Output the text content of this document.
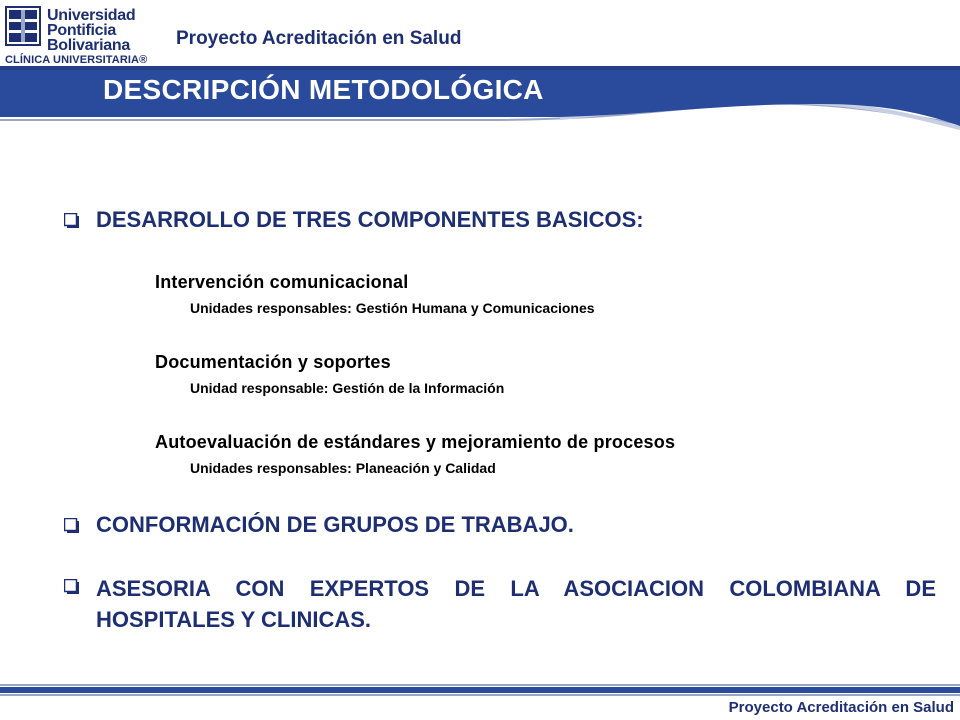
Universidad
Pontificia
Bolivariana
CLÍNICA UNIVERSITARIA®
Proyecto Acreditación en Salud
DESCRIPCIÓN METODOLÓGICA
DESARROLLO DE TRES COMPONENTES BASICOS:
Intervención comunicacional
Unidades responsables: Gestión Humana y Comunicaciones
Documentación y soportes
Unidad responsable: Gestión de la Información
Autoevaluación de estándares y mejoramiento de procesos
Unidades responsables: Planeación y Calidad
CONFORMACIÓN DE GRUPOS DE TRABAJO.
ASESORIA CON EXPERTOS DE LA ASOCIACION COLOMBIANA DE HOSPITALES Y CLINICAS.
Proyecto Acreditación en Salud
